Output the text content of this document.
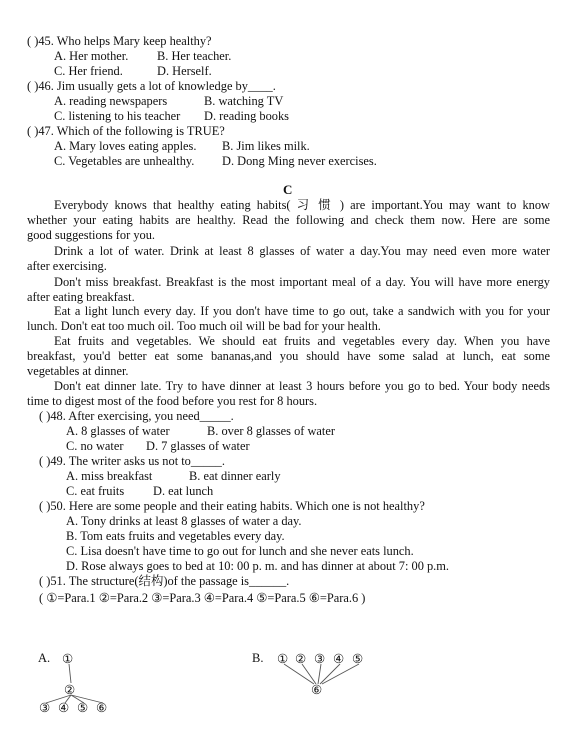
( )45. Who helps Mary keep healthy?
A. Her mother. B. Her teacher.
C. Her friend.	D. Herself.
( )46. Jim usually gets a lot of knowledge by____.
A. reading newspapers	B. watching TV
C. listening to his teacher D. reading books
( )47. Which of the following is TRUE?
A. Mary loves eating apples. B. Jim likes milk.
C. Vegetables are unhealthy. D. Dong Ming never exercises.
C
Everybody knows that healthy eating habits( 习 惯 ) are important.You may want to know
whether your eating habits are healthy. Read the following and check them now. Here are some
good suggestions for you.
Drink a lot of water. Drink at least 8 glasses of water a day.You may need even more water
after exercising.
Don't miss breakfast. Breakfast is the most important meal of a day. You will have more energy
after eating breakfast.
Eat a light lunch every day. If you don't have time to go out, take a sandwich with you for your
lunch. Don't eat too much oil. Too much oil will be bad for your health.
Eat fruits and vegetables. We should eat fruits and vegetables every day. When you have
breakfast, you'd better eat some bananas,and you should have some salad at lunch, eat some
vegetables at dinner.
Don't eat dinner late. Try to have dinner at least 3 hours before you go to bed. Your body needs
time to digest most of the food before you rest for 8 hours.
( )48. After exercising, you need_____.
A. 8 glasses of water	B. over 8 glasses of water
C. no water D. 7 glasses of water
( )49. The writer asks us not to_____.
A. miss breakfast	B. eat dinner early
C. eat fruits D. eat lunch
( )50. Here are some people and their eating habits. Which one is not healthy?
A. Tony drinks at least 8 glasses of water a day.
B. Tom eats fruits and vegetables every day.
C. Lisa doesn't have time to go out for lunch and she never eats lunch.
D. Rose always goes to bed at 10: 00 p. m. and has dinner at about 7: 00 p.m.
( )51. The structure(结构)of the passage is______.
( ①=Para.1 ②=Para.2 ③=Para.3 ④=Para.4 ⑤=Para.5 ⑥=Para.6 )
A. ①
②
③ ④ ⑤ ⑥
B. ① ② ③ ④ ⑤
⑥
